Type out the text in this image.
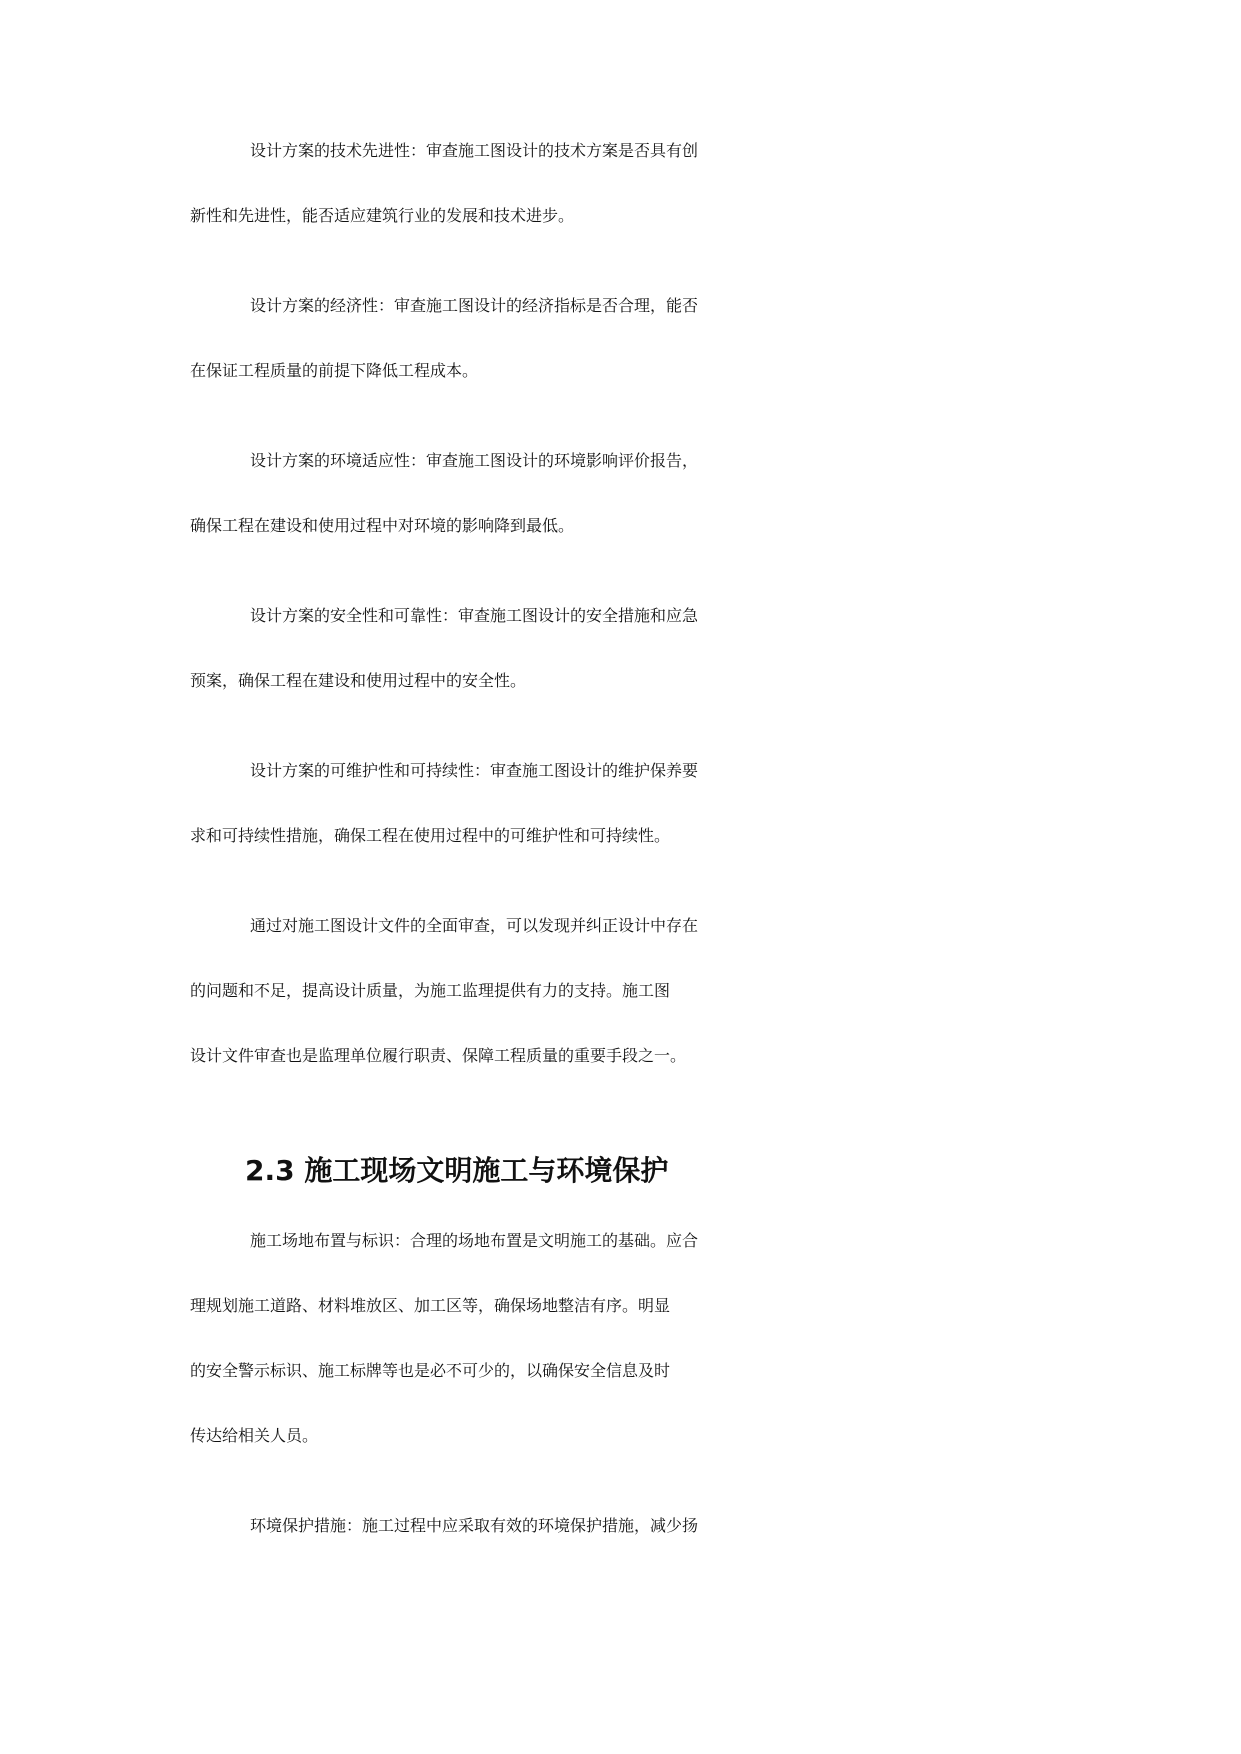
设计方案的技术先进性：审查施工图设计的技术方案是否具有创
新性和先进性，能否适应建筑行业的发展和技术进步。
设计方案的经济性：审查施工图设计的经济指标是否合理，能否
在保证工程质量的前提下降低工程成本。
设计方案的环境适应性：审查施工图设计的环境影响评价报告，
确保工程在建设和使用过程中对环境的影响降到最低。
设计方案的安全性和可靠性：审查施工图设计的安全措施和应急
预案，确保工程在建设和使用过程中的安全性。
设计方案的可维护性和可持续性：审查施工图设计的维护保养要
求和可持续性措施，确保工程在使用过程中的可维护性和可持续性。
通过对施工图设计文件的全面审查，可以发现并纠正设计中存在
的问题和不足，提高设计质量，为施工监理提供有力的支持。施工图
设计文件审查也是监理单位履行职责、保障工程质量的重要手段之一。
2.3 施工现场文明施工与环境保护
施工场地布置与标识：合理的场地布置是文明施工的基础。应合
理规划施工道路、材料堆放区、加工区等，确保场地整洁有序。明显
的安全警示标识、施工标牌等也是必不可少的，以确保安全信息及时
传达给相关人员。
环境保护措施：施工过程中应采取有效的环境保护措施，减少扬
